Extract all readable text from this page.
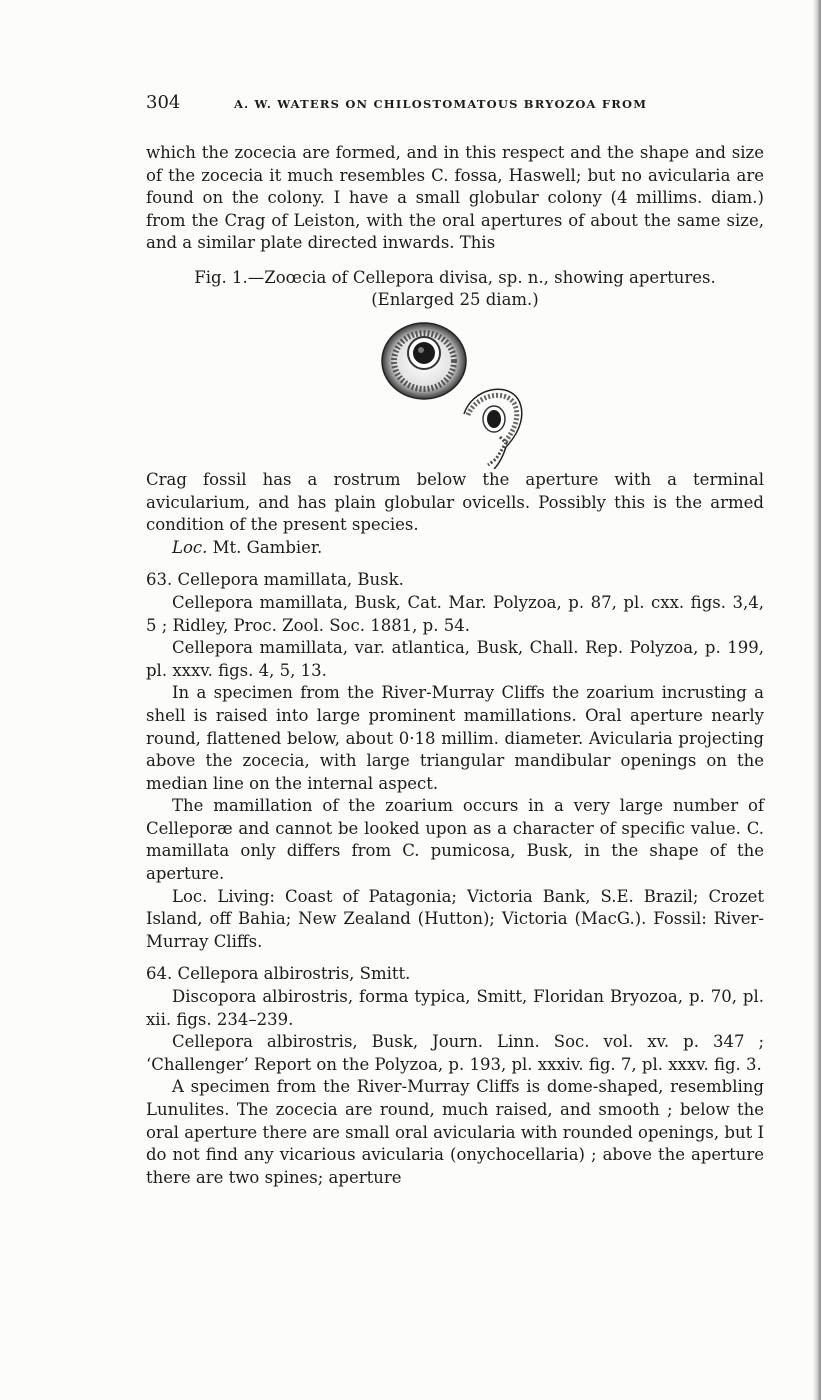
304	A. W. WATERS ON CHILOSTOMATOUS BRYOZOA FROM

which the zocecia are formed, and in this respect and the shape and size of the zocecia it much resembles C. fossa, Haswell; but no avicularia are found on the colony. I have a small globular colony (4 millims. diam.) from the Crag of Leiston, with the oral apertures of about the same size, and a similar plate directed inwards. This

Fig. 1.—Zoœcia of Cellepora divisa, sp. n., showing apertures.
(Enlarged 25 diam.)

Crag fossil has a rostrum below the aperture with a terminal avicularium, and has plain globular ovicells. Possibly this is the armed condition of the present species.

Loc. Mt. Gambier.

63. Cellepora mamillata, Busk.

Cellepora mamillata, Busk, Cat. Mar. Polyzoa, p. 87, pl. cxx. figs. 3,4, 5 ; Ridley, Proc. Zool. Soc. 1881, p. 54.

Cellepora mamillata, var. atlantica, Busk, Chall. Rep. Polyzoa, p. 199, pl. xxxv. figs. 4, 5, 13.

In a specimen from the River-Murray Cliffs the zoarium incrusting a shell is raised into large prominent mamillations. Oral aperture nearly round, flattened below, about 0·18 millim. diameter. Avicularia projecting above the zocecia, with large triangular mandibular openings on the median line on the internal aspect.

The mamillation of the zoarium occurs in a very large number of Celleporæ and cannot be looked upon as a character of specific value. C. mamillata only differs from C. pumicosa, Busk, in the shape of the aperture.

Loc. Living: Coast of Patagonia; Victoria Bank, S.E. Brazil; Crozet Island, off Bahia; New Zealand (Hutton); Victoria (MacG.). Fossil: River-Murray Cliffs.

64. Cellepora albirostris, Smitt.

Discopora albirostris, forma typica, Smitt, Floridan Bryozoa, p. 70, pl. xii. figs. 234–239.

Cellepora albirostris, Busk, Journ. Linn. Soc. vol. xv. p. 347 ; ‘Challenger’ Report on the Polyzoa, p. 193, pl. xxxiv. fig. 7, pl. xxxv. fig. 3.

A specimen from the River-Murray Cliffs is dome-shaped, resembling Lunulites. The zocecia are round, much raised, and smooth ; below the oral aperture there are small oral avicularia with rounded openings, but I do not find any vicarious avicularia (onychocellaria) ; above the aperture there are two spines; aperture
